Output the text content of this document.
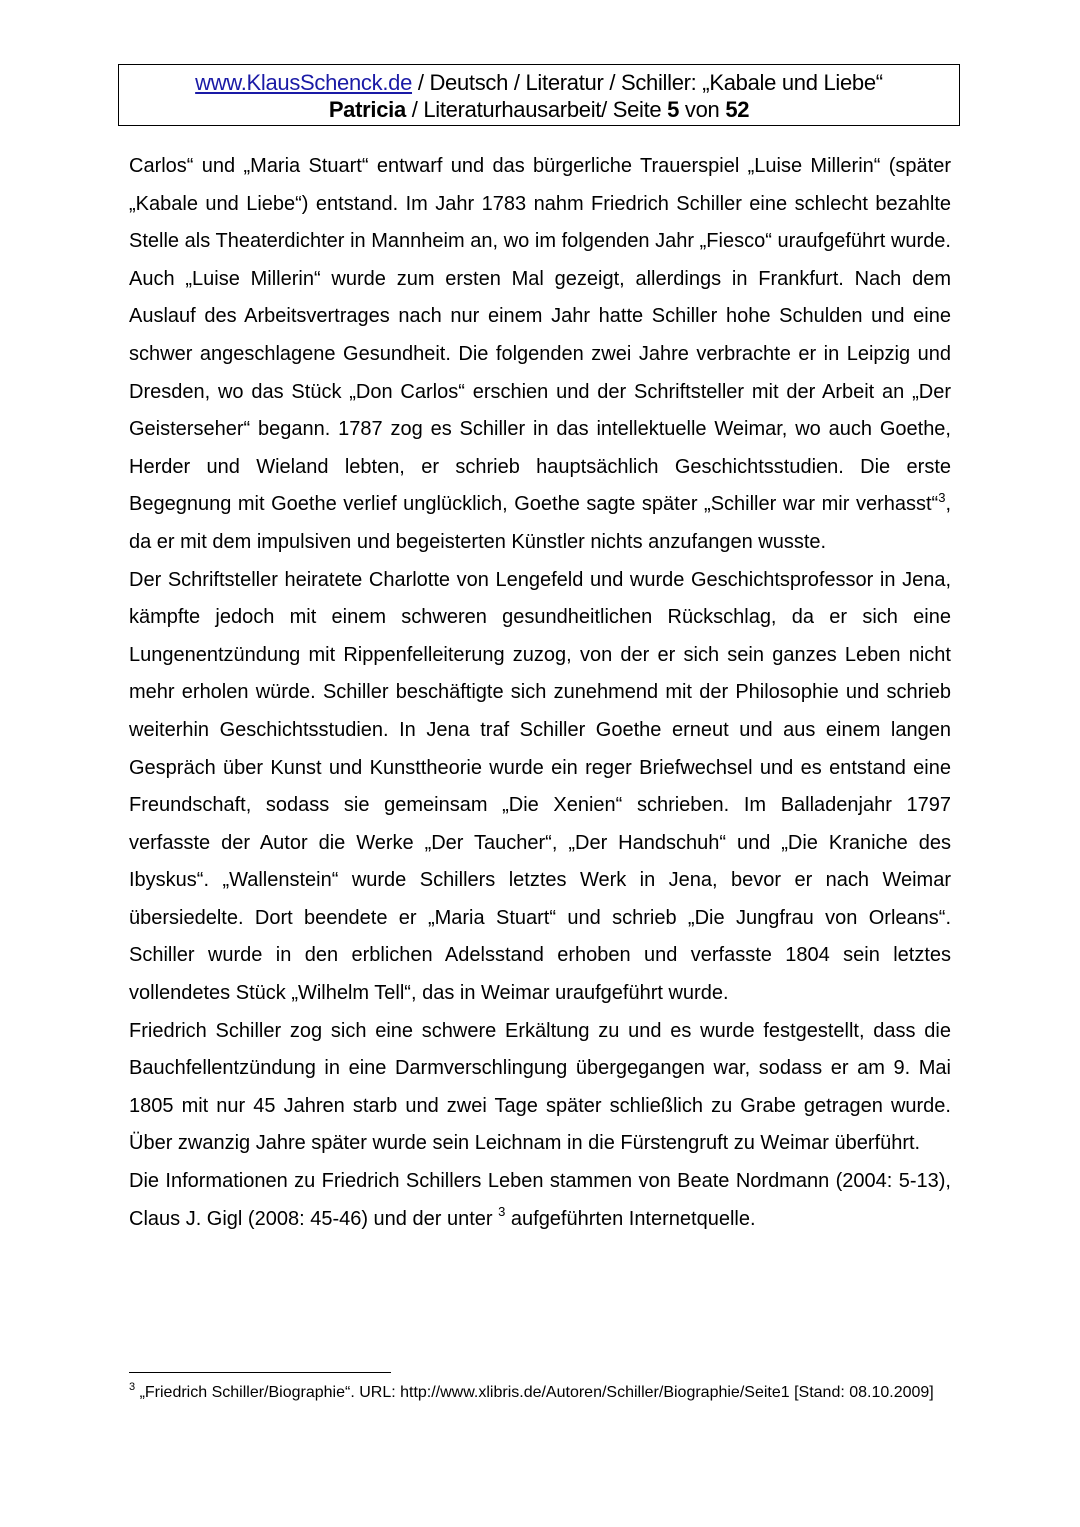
www.KlausSchenck.de / Deutsch / Literatur / Schiller: „Kabale und Liebe“
Patricia / Literaturhausarbeit/ Seite 5 von 52

Carlos“ und „Maria Stuart“ entwarf und das bürgerliche Trauerspiel „Luise Millerin“ (später „Kabale und Liebe“) entstand. Im Jahr 1783 nahm Friedrich Schiller eine schlecht bezahlte Stelle als Theaterdichter in Mannheim an, wo im folgenden Jahr „Fiesco“ uraufgeführt wurde. Auch „Luise Millerin“ wurde zum ersten Mal gezeigt, allerdings in Frankfurt. Nach dem Auslauf des Arbeitsvertrages nach nur einem Jahr hatte Schiller hohe Schulden und eine schwer angeschlagene Gesundheit. Die folgenden zwei Jahre verbrachte er in Leipzig und Dresden, wo das Stück „Don Carlos“ erschien und der Schriftsteller mit der Arbeit an „Der Geisterseher“ begann. 1787 zog es Schiller in das intellektuelle Weimar, wo auch Goethe, Herder und Wieland lebten, er schrieb hauptsächlich Geschichtsstudien. Die erste Begegnung mit Goethe verlief unglücklich, Goethe sagte später „Schiller war mir verhasst“$^3$, da er mit dem impulsiven und begeisterten Künstler nichts anzufangen wusste.

Der Schriftsteller heiratete Charlotte von Lengefeld und wurde Geschichtsprofessor in Jena, kämpfte jedoch mit einem schweren gesundheitlichen Rückschlag, da er sich eine Lungenentzündung mit Rippenfelleiterung zuzog, von der er sich sein ganzes Leben nicht mehr erholen würde. Schiller beschäftigte sich zunehmend mit der Philosophie und schrieb weiterhin Geschichtsstudien. In Jena traf Schiller Goethe erneut und aus einem langen Gespräch über Kunst und Kunsttheorie wurde ein reger Briefwechsel und es entstand eine Freundschaft, sodass sie gemeinsam „Die Xenien“ schrieben. Im Balladenjahr 1797 verfasste der Autor die Werke „Der Taucher“, „Der Handschuh“ und „Die Kraniche des Ibyskus“. „Wallenstein“ wurde Schillers letztes Werk in Jena, bevor er nach Weimar übersiedelte. Dort beendete er „Maria Stuart“ und schrieb „Die Jungfrau von Orleans“. Schiller wurde in den erblichen Adelsstand erhoben und verfasste 1804 sein letztes vollendetes Stück „Wilhelm Tell“, das in Weimar uraufgeführt wurde.

Friedrich Schiller zog sich eine schwere Erkältung zu und es wurde festgestellt, dass die Bauchfellentzündung in eine Darmverschlingung übergegangen war, sodass er am 9. Mai 1805 mit nur 45 Jahren starb und zwei Tage später schließlich zu Grabe getragen wurde. Über zwanzig Jahre später wurde sein Leichnam in die Fürstengruft zu Weimar überführt.

Die Informationen zu Friedrich Schillers Leben stammen von Beate Nordmann (2004: 5-13), Claus J. Gigl (2008: 45-46) und der unter $^3$ aufgeführten Internetquelle.

$^3$ „Friedrich Schiller/Biographie“. URL: http://www.xlibris.de/Autoren/Schiller/Biographie/Seite1 [Stand: 08.10.2009]
